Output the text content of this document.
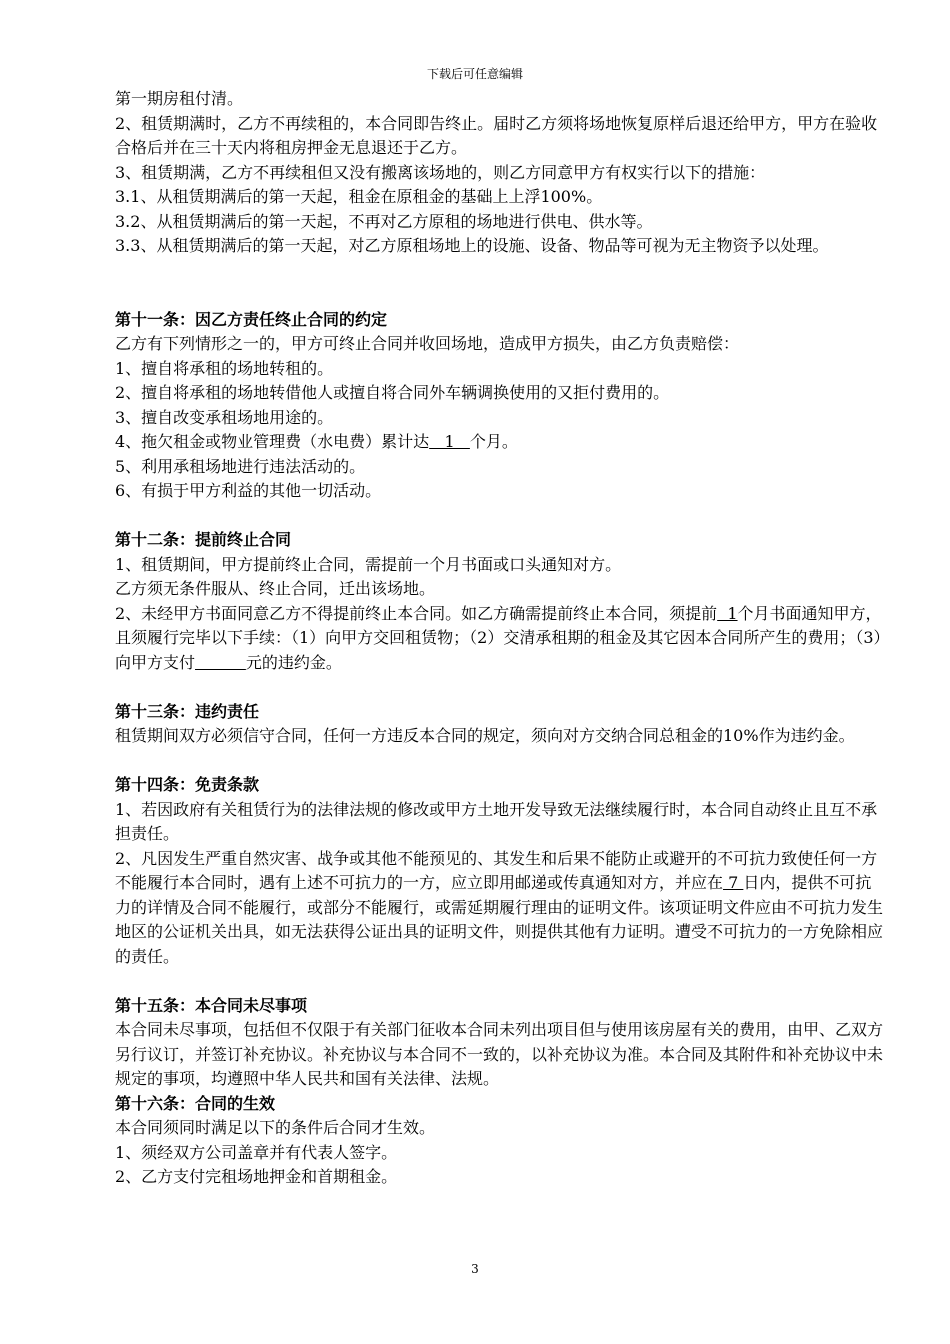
下载后可任意编辑

第一期房租付清。

2、租赁期满时，乙方不再续租的，本合同即告终止。届时乙方须将场地恢复原样后退还给甲方，甲方在验收合格后并在三十天内将租房押金无息退还于乙方。

3、租赁期满，乙方不再续租但又没有搬离该场地的，则乙方同意甲方有权实行以下的措施：

3.1、从租赁期满后的第一天起，租金在原租金的基础上上浮100%。

3.2、从租赁期满后的第一天起，不再对乙方原租的场地进行供电、供水等。

3.3、从租赁期满后的第一天起，对乙方原租场地上的设施、设备、物品等可视为无主物资予以处理。

第十一条：因乙方责任终止合同的约定

乙方有下列情形之一的，甲方可终止合同并收回场地，造成甲方损失，由乙方负责赔偿：

1、擅自将承租的场地转租的。

2、擅自将承租的场地转借他人或擅自将合同外车辆调换使用的又拒付费用的。

3、擅自改变承租场地用途的。

4、拖欠租金或物业管理费（水电费）累计达   1   个月。

5、利用承租场地进行违法活动的。

6、有损于甲方利益的其他一切活动。

第十二条：提前终止合同

1、租赁期间，甲方提前终止合同，需提前一个月书面或口头通知对方。

乙方须无条件服从、终止合同，迁出该场地。

2、未经甲方书面同意乙方不得提前终止本合同。如乙方确需提前终止本合同，须提前  1个月书面通知甲方，且须履行完毕以下手续：（1）向甲方交回租赁物；（2）交清承租期的租金及其它因本合同所产生的费用；（3）向甲方支付	元的违约金。

第十三条：违约责任

租赁期间双方必须信守合同，任何一方违反本合同的规定，须向对方交纳合同总租金的10%作为违约金。

第十四条：免责条款

1、若因政府有关租赁行为的法律法规的修改或甲方土地开发导致无法继续履行时，本合同自动终止且互不承担责任。

2、凡因发生严重自然灾害、战争或其他不能预见的、其发生和后果不能防止或避开的不可抗力致使任何一方不能履行本合同时，遇有上述不可抗力的一方，应立即用邮递或传真通知对方，并应在 7 日内，提供不可抗力的详情及合同不能履行，或部分不能履行，或需延期履行理由的证明文件。该项证明文件应由不可抗力发生地区的公证机关出具，如无法获得公证出具的证明文件，则提供其他有力证明。遭受不可抗力的一方免除相应的责任。

第十五条：本合同未尽事项

本合同未尽事项，包括但不仅限于有关部门征收本合同未列出项目但与使用该房屋有关的费用，由甲、乙双方另行议订，并签订补充协议。补充协议与本合同不一致的，以补充协议为准。本合同及其附件和补充协议中未规定的事项，均遵照中华人民共和国有关法律、法规。

第十六条：合同的生效

本合同须同时满足以下的条件后合同才生效。

1、须经双方公司盖章并有代表人签字。

2、乙方支付完租场地押金和首期租金。

3
